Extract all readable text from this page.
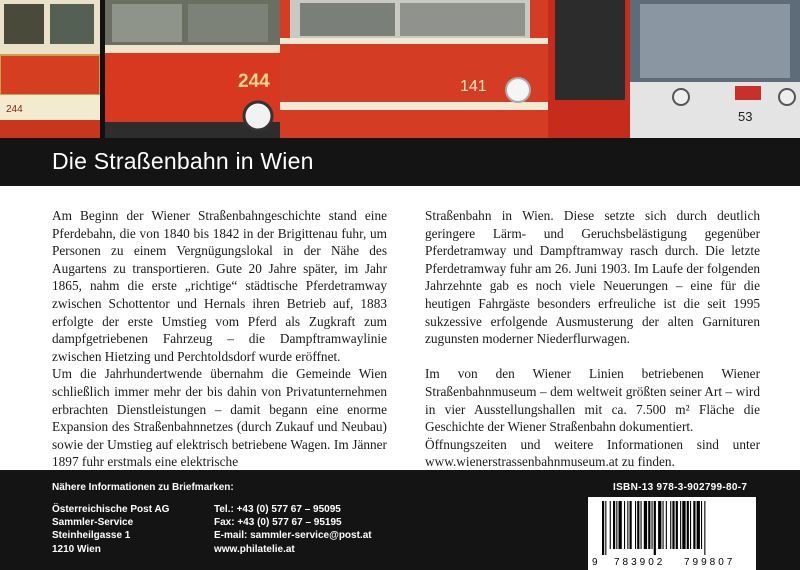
244
244	141
53
Die Straßenbahn in Wien

Am Beginn der Wiener Straßenbahngeschichte stand eine Pferdebahn, die von 1840 bis 1842 in der Brigittenau fuhr, um Personen zu einem Vergnügungslokal in der Nähe des Augartens zu transportieren. Gute 20 Jahre später, im Jahr 1865, nahm die erste „richtige“ städtische Pferdetramway zwischen Schottentor und Hernals ihren Betrieb auf, 1883 erfolgte der erste Umstieg vom Pferd als Zugkraft zum dampfgetriebenen Fahrzeug – die Dampftramwaylinie zwischen Hietzing und Perchtoldsdorf wurde eröffnet.

Um die Jahrhundertwende übernahm die Gemeinde Wien schließlich immer mehr der bis dahin von Privatunternehmen erbrachten Dienstleistungen – damit begann eine enorme Expansion des Straßenbahnnetzes (durch Zukauf und Neubau) sowie der Umstieg auf elektrisch betriebene Wagen. Im Jänner 1897 fuhr erstmals eine elektrische

Straßenbahn in Wien. Diese setzte sich durch deutlich geringere Lärm- und Geruchsbelästigung gegenüber Pferdetramway und Dampftramway rasch durch. Die letzte Pferdetramway fuhr am 26. Juni 1903. Im Laufe der folgenden Jahrzehnte gab es noch viele Neuerungen – eine für die heutigen Fahrgäste besonders erfreuliche ist die seit 1995 sukzessive erfolgende Ausmusterung der alten Garnituren zugunsten moderner Niederflurwagen.

Im von den Wiener Linien betriebenen Wiener Straßenbahnmuseum – dem weltweit größten seiner Art – wird in vier Ausstellungshallen mit ca. 7.500 m² Fläche die Geschichte der Wiener Straßenbahn dokumentiert.

Öffnungszeiten und weitere Informationen sind unter www.wienerstrassenbahnmuseum.at zu finden.

Nähere Informationen zu Briefmarken:
Österreichische Post AG
Sammler-Service
Steinheilgasse 1
1210 Wien
Tel.: +43 (0) 577 67 – 95095
Fax: +43 (0) 577 67 – 95195
E-mail: sammler-service@post.at
www.philatelie.at
ISBN-13 978-3-902799-80-7
9 783902 799807
